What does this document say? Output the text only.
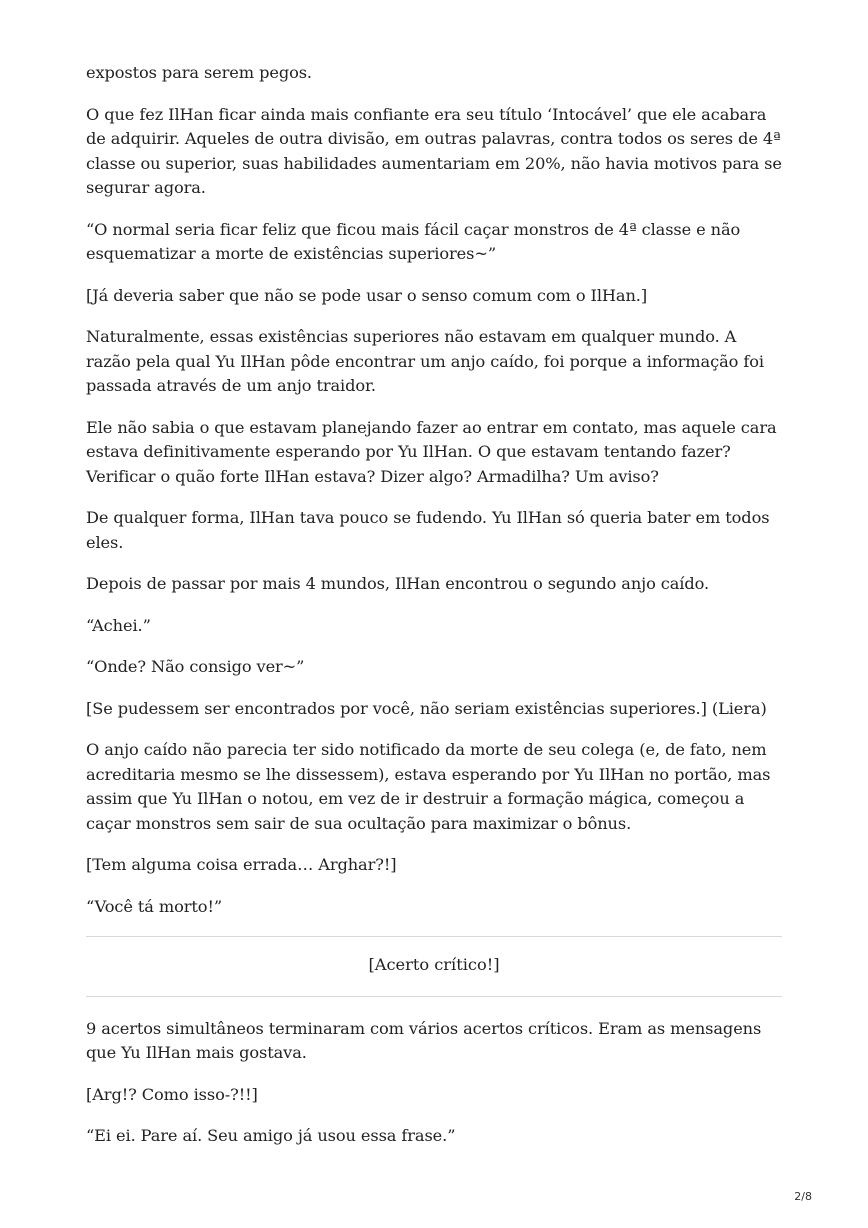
expostos para serem pegos.

O que fez IlHan ficar ainda mais confiante era seu título ‘Intocável’ que ele acabara de adquirir. Aqueles de outra divisão, em outras palavras, contra todos os seres de 4ª classe ou superior, suas habilidades aumentariam em 20%, não havia motivos para se segurar agora.

“O normal seria ficar feliz que ficou mais fácil caçar monstros de 4ª classe e não esquematizar a morte de existências superiores~”

[Já deveria saber que não se pode usar o senso comum com o IlHan.]

Naturalmente, essas existências superiores não estavam em qualquer mundo. A razão pela qual Yu IlHan pôde encontrar um anjo caído, foi porque a informação foi passada através de um anjo traidor.

Ele não sabia o que estavam planejando fazer ao entrar em contato, mas aquele cara estava definitivamente esperando por Yu IlHan. O que estavam tentando fazer? Verificar o quão forte IlHan estava? Dizer algo? Armadilha? Um aviso?

De qualquer forma, IlHan tava pouco se fudendo. Yu IlHan só queria bater em todos eles.

Depois de passar por mais 4 mundos, IlHan encontrou o segundo anjo caído.

“Achei.”

“Onde? Não consigo ver~”

[Se pudessem ser encontrados por você, não seriam existências superiores.] (Liera)

O anjo caído não parecia ter sido notificado da morte de seu colega (e, de fato, nem acreditaria mesmo se lhe dissessem), estava esperando por Yu IlHan no portão, mas assim que Yu IlHan o notou, em vez de ir destruir a formação mágica, começou a caçar monstros sem sair de sua ocultação para maximizar o bônus.

[Tem alguma coisa errada… Arghar?!]

“Você tá morto!”

[Acerto crítico!]

9 acertos simultâneos terminaram com vários acertos críticos. Eram as mensagens que Yu IlHan mais gostava.

[Arg!? Como isso-?!!]

“Ei ei. Pare aí. Seu amigo já usou essa frase.”

2/8
